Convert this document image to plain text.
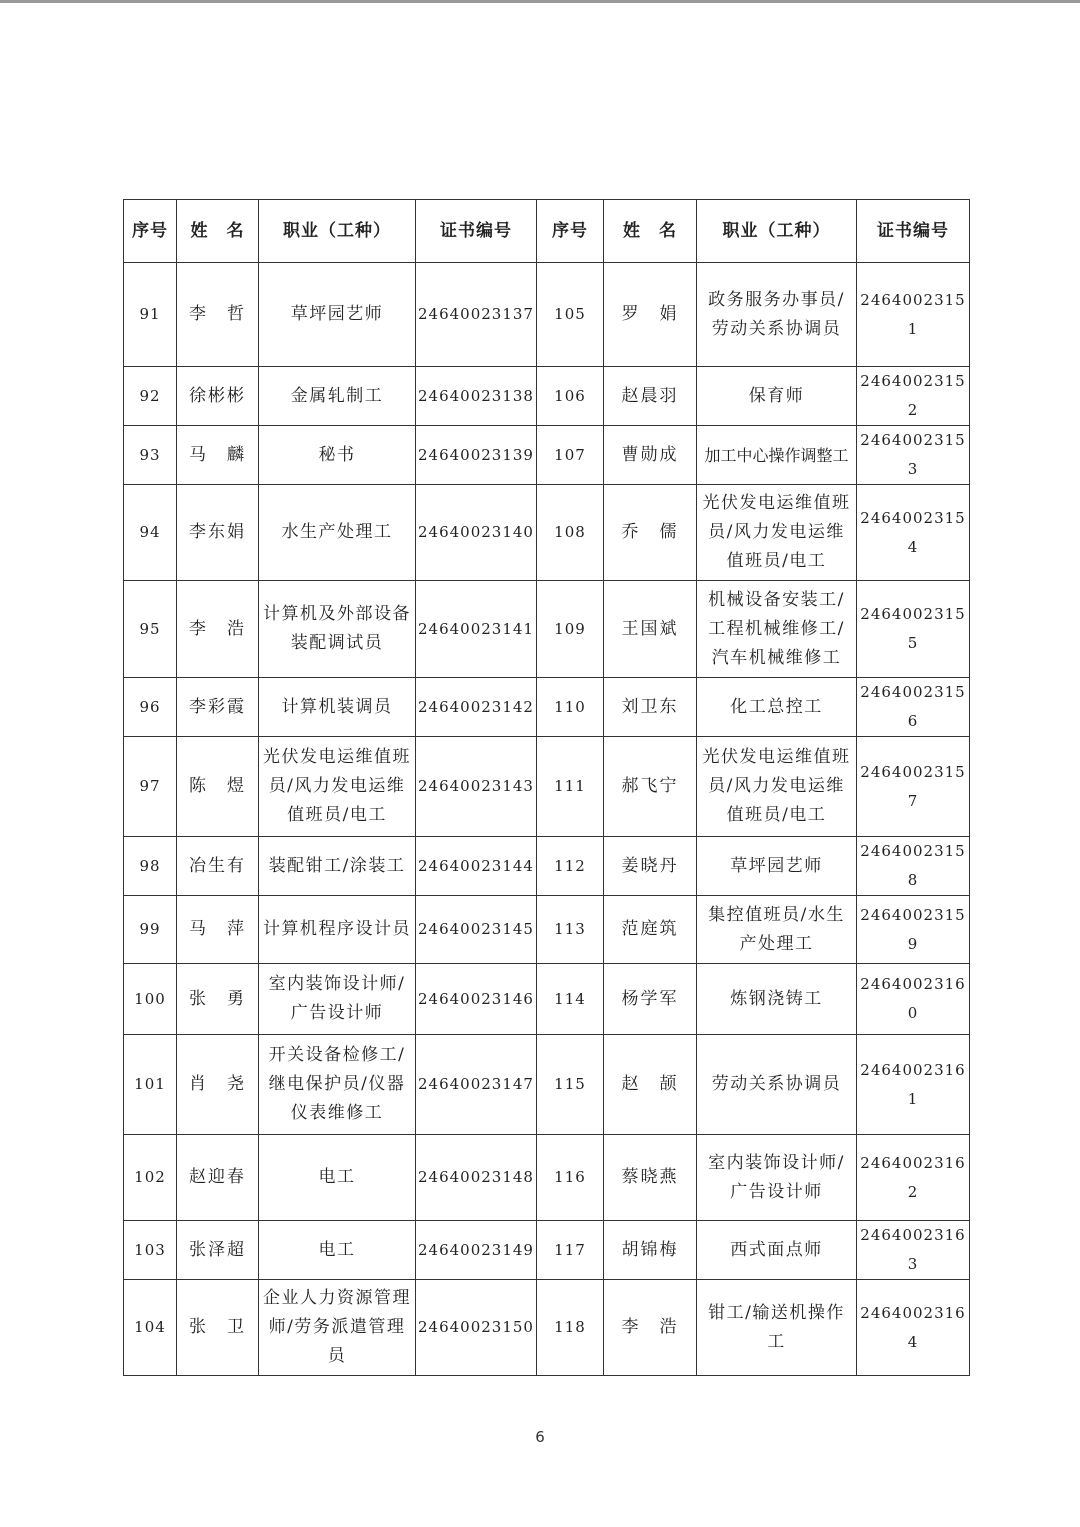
序号	姓　名	职业（工种）	证书编号	序号	姓　名	职业（工种）	证书编号
91	李　哲	草坪园艺师	24640023137	105	罗　娟	政务服务办事员/劳动关系协调员	24640023151
92	徐彬彬	金属轧制工	24640023138	106	赵晨羽	保育师	24640023152
93	马　麟	秘书	24640023139	107	曹勋成	加工中心操作调整工	24640023153
94	李东娟	水生产处理工	24640023140	108	乔　儒	光伏发电运维值班员/风力发电运维值班员/电工	24640023154
95	李　浩	计算机及外部设备装配调试员	24640023141	109	王国斌	机械设备安装工/工程机械维修工/汽车机械维修工	24640023155
96	李彩霞	计算机装调员	24640023142	110	刘卫东	化工总控工	24640023156
97	陈　煜	光伏发电运维值班员/风力发电运维值班员/电工	24640023143	111	郝飞宁	光伏发电运维值班员/风力发电运维值班员/电工	24640023157
98	冶生有	装配钳工/涂装工	24640023144	112	姜晓丹	草坪园艺师	24640023158
99	马　萍	计算机程序设计员	24640023145	113	范庭筑	集控值班员/水生产处理工	24640023159
100	张　勇	室内装饰设计师/广告设计师	24640023146	114	杨学军	炼钢浇铸工	24640023160
101	肖　尧	开关设备检修工/继电保护员/仪器仪表维修工	24640023147	115	赵　颉	劳动关系协调员	24640023161
102	赵迎春	电工	24640023148	116	蔡晓燕	室内装饰设计师/广告设计师	24640023162
103	张泽超	电工	24640023149	117	胡锦梅	西式面点师	24640023163
104	张　卫	企业人力资源管理师/劳务派遣管理员	24640023150	118	李　浩	钳工/输送机操作工	24640023164
6
